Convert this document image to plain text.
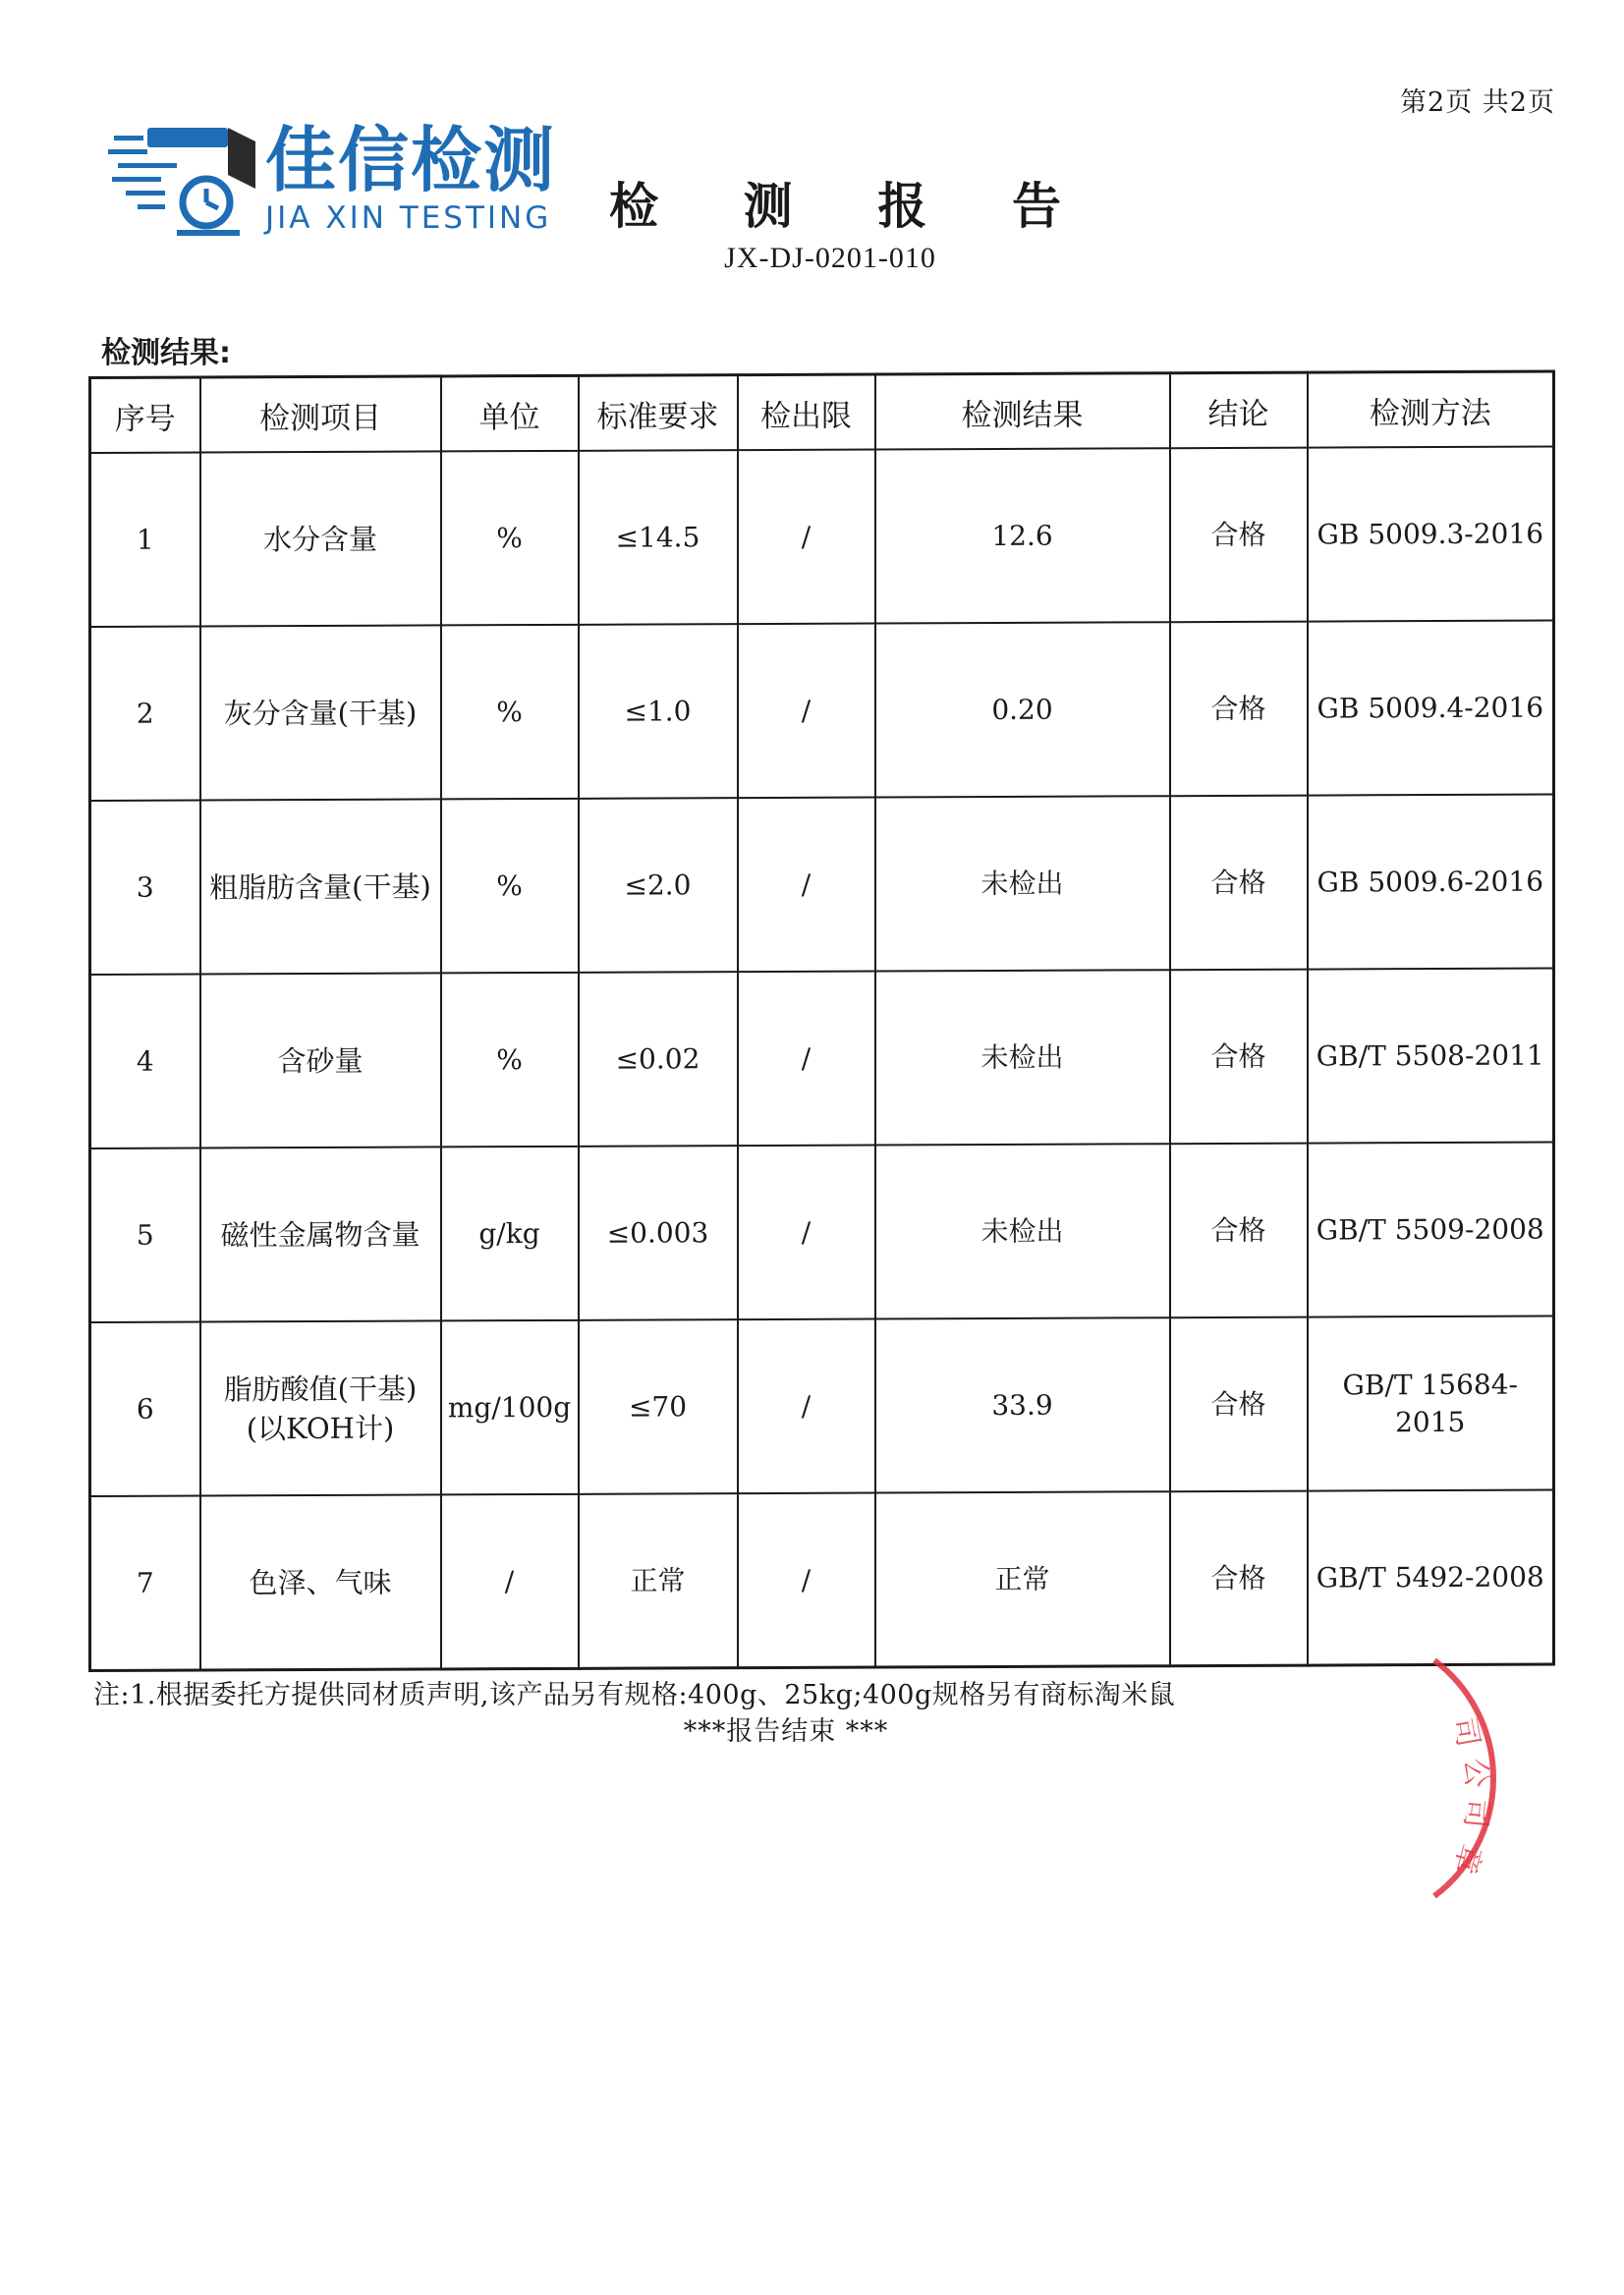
第2页 共2页
佳信检测
JIA XIN TESTING 检 测 报 告
JX-DJ-0201-010
检测结果:
序号	检测项目	单位	标准要求	检出限	检测结果	结论	检测方法
1	水分含量	%	≤14.5	/	12.6	合格	GB 5009.3-2016
2	灰分含量(干基)	%	≤1.0	/	0.20	合格	GB 5009.4-2016
3	粗脂肪含量(干基)	%	≤2.0	/	未检出	合格	GB 5009.6-2016
4	含砂量	%	≤0.02	/	未检出	合格	GB/T 5508-2011
5	磁性金属物含量	g/kg	≤0.003	/	未检出	合格	GB/T 5509-2008
6	脂肪酸值(干基)(以KOH计)	mg/100g	≤70	/	33.9	合格	GB/T 15684-2015
7	色泽、气味	/	正常	/	正常	合格	GB/T 5492-2008
注:1.根据委托方提供同材质声明,该产品另有规格:400g、25kg;400g规格另有商标淘米鼠
***报告结束 ***	司
公
司
章
